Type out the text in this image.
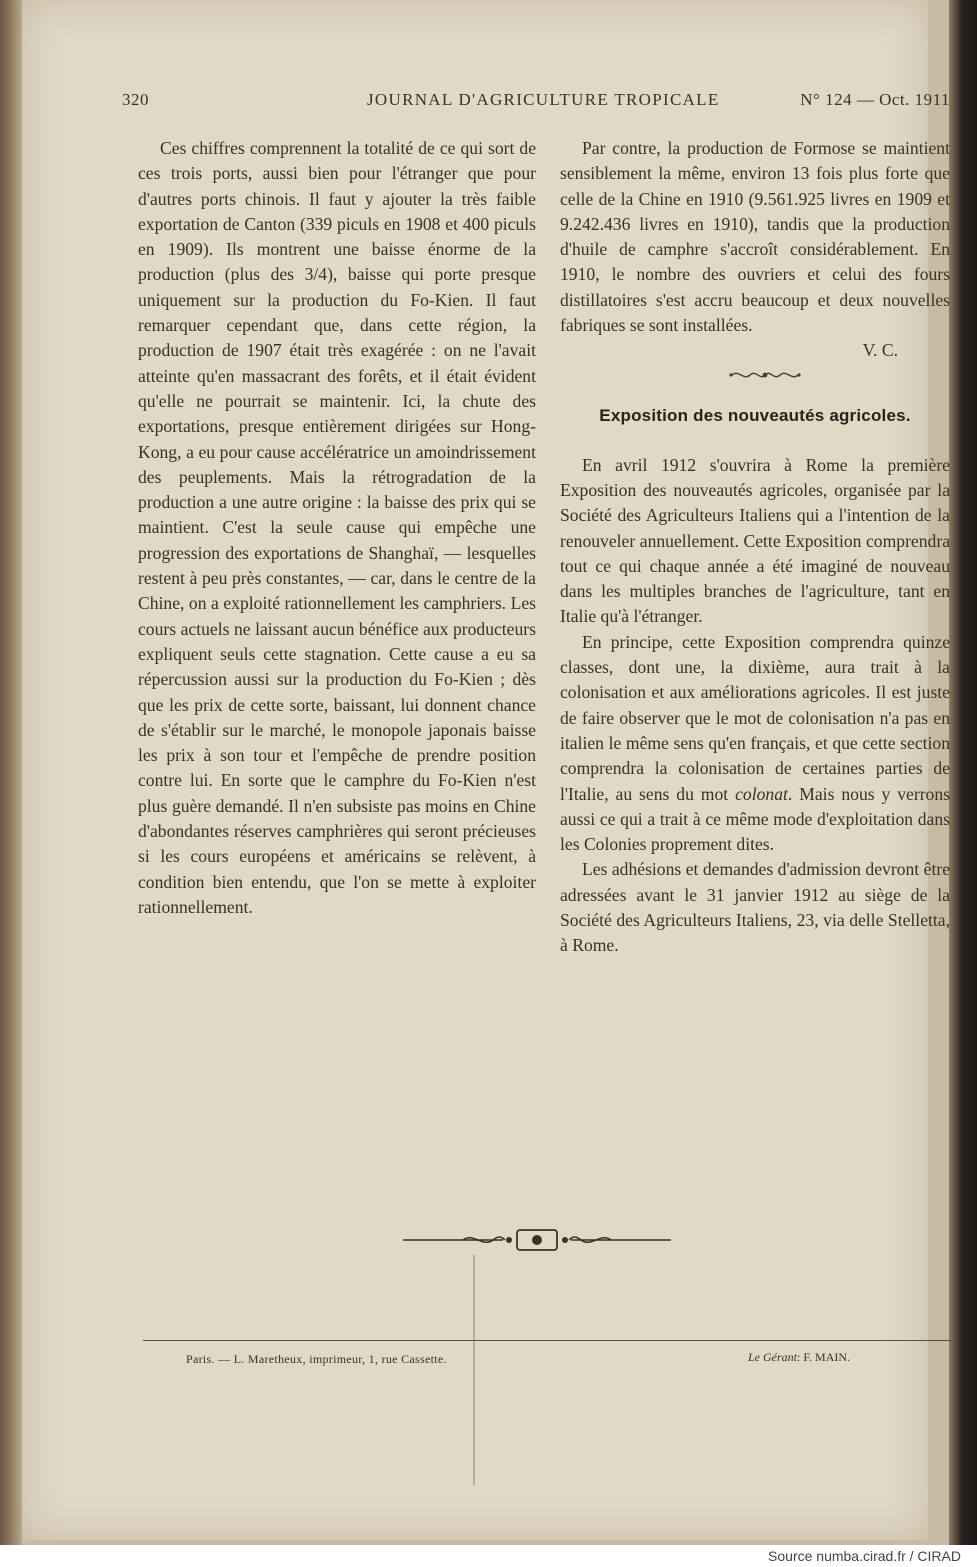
320	JOURNAL D'AGRICULTURE TROPICALE	N° 124 — Oct. 1911

Ces chiffres comprennent la totalité de ce qui sort de ces trois ports, aussi bien pour l'étranger que pour d'autres ports chinois. Il faut y ajouter la très faible exportation de Canton (339 piculs en 1908 et 400 piculs en 1909). Ils montrent une baisse énorme de la production (plus des 3/4), baisse qui porte presque uniquement sur la production du Fo-Kien. Il faut remarquer cependant que, dans cette région, la production de 1907 était très exagérée : on ne l'avait atteinte qu'en massacrant des forêts, et il était évident qu'elle ne pourrait se maintenir. Ici, la chute des exportations, presque entièrement dirigées sur Hong-Kong, a eu pour cause accélératrice un amoindrissement des peuplements. Mais la rétrogradation de la production a une autre origine : la baisse des prix qui se maintient. C'est la seule cause qui empêche une progression des exportations de Shanghaï, — lesquelles restent à peu près constantes, — car, dans le centre de la Chine, on a exploité rationnellement les camphriers. Les cours actuels ne laissant aucun bénéfice aux producteurs expliquent seuls cette stagnation. Cette cause a eu sa répercussion aussi sur la production du Fo-Kien ; dès que les prix de cette sorte, baissant, lui donnent chance de s'établir sur le marché, le monopole japonais baisse les prix à son tour et l'empêche de prendre position contre lui. En sorte que le camphre du Fo-Kien n'est plus guère demandé. Il n'en subsiste pas moins en Chine d'abondantes réserves camphrières qui seront précieuses si les cours européens et américains se relèvent, à condition bien entendu, que l'on se mette à exploiter rationnellement.

Par contre, la production de Formose se maintient sensiblement la même, environ 13 fois plus forte que celle de la Chine en 1910 (9.561.925 livres en 1909 et 9.242.436 livres en 1910), tandis que la production d'huile de camphre s'accroît considérablement. En 1910, le nombre des ouvriers et celui des fours distillatoires s'est accru beaucoup et deux nouvelles fabriques se sont installées.

V. C.
Exposition des nouveautés agricoles.

En avril 1912 s'ouvrira à Rome la première Exposition des nouveautés agricoles, organisée par la Société des Agriculteurs Italiens qui a l'intention de la renouveler annuellement. Cette Exposition comprendra tout ce qui chaque année a été imaginé de nouveau dans les multiples branches de l'agriculture, tant en Italie qu'à l'étranger.

En principe, cette Exposition comprendra quinze classes, dont une, la dixième, aura trait à la colonisation et aux améliorations agricoles. Il est juste de faire observer que le mot de colonisation n'a pas en italien le même sens qu'en français, et que cette section comprendra la colonisation de certaines parties de l'Italie, au sens du mot colonat. Mais nous y verrons aussi ce qui a trait à ce même mode d'exploitation dans les Colonies proprement dites.

Les adhésions et demandes d'admission devront être adressées avant le 31 janvier 1912 au siège de la Société des Agriculteurs Italiens, 23, via delle Stelletta, à Rome.

Paris. — L. Maretheux, imprimeur, 1, rue Cassette.	Le Gérant: F. MAIN.
Source numba.cirad.fr / CIRAD
